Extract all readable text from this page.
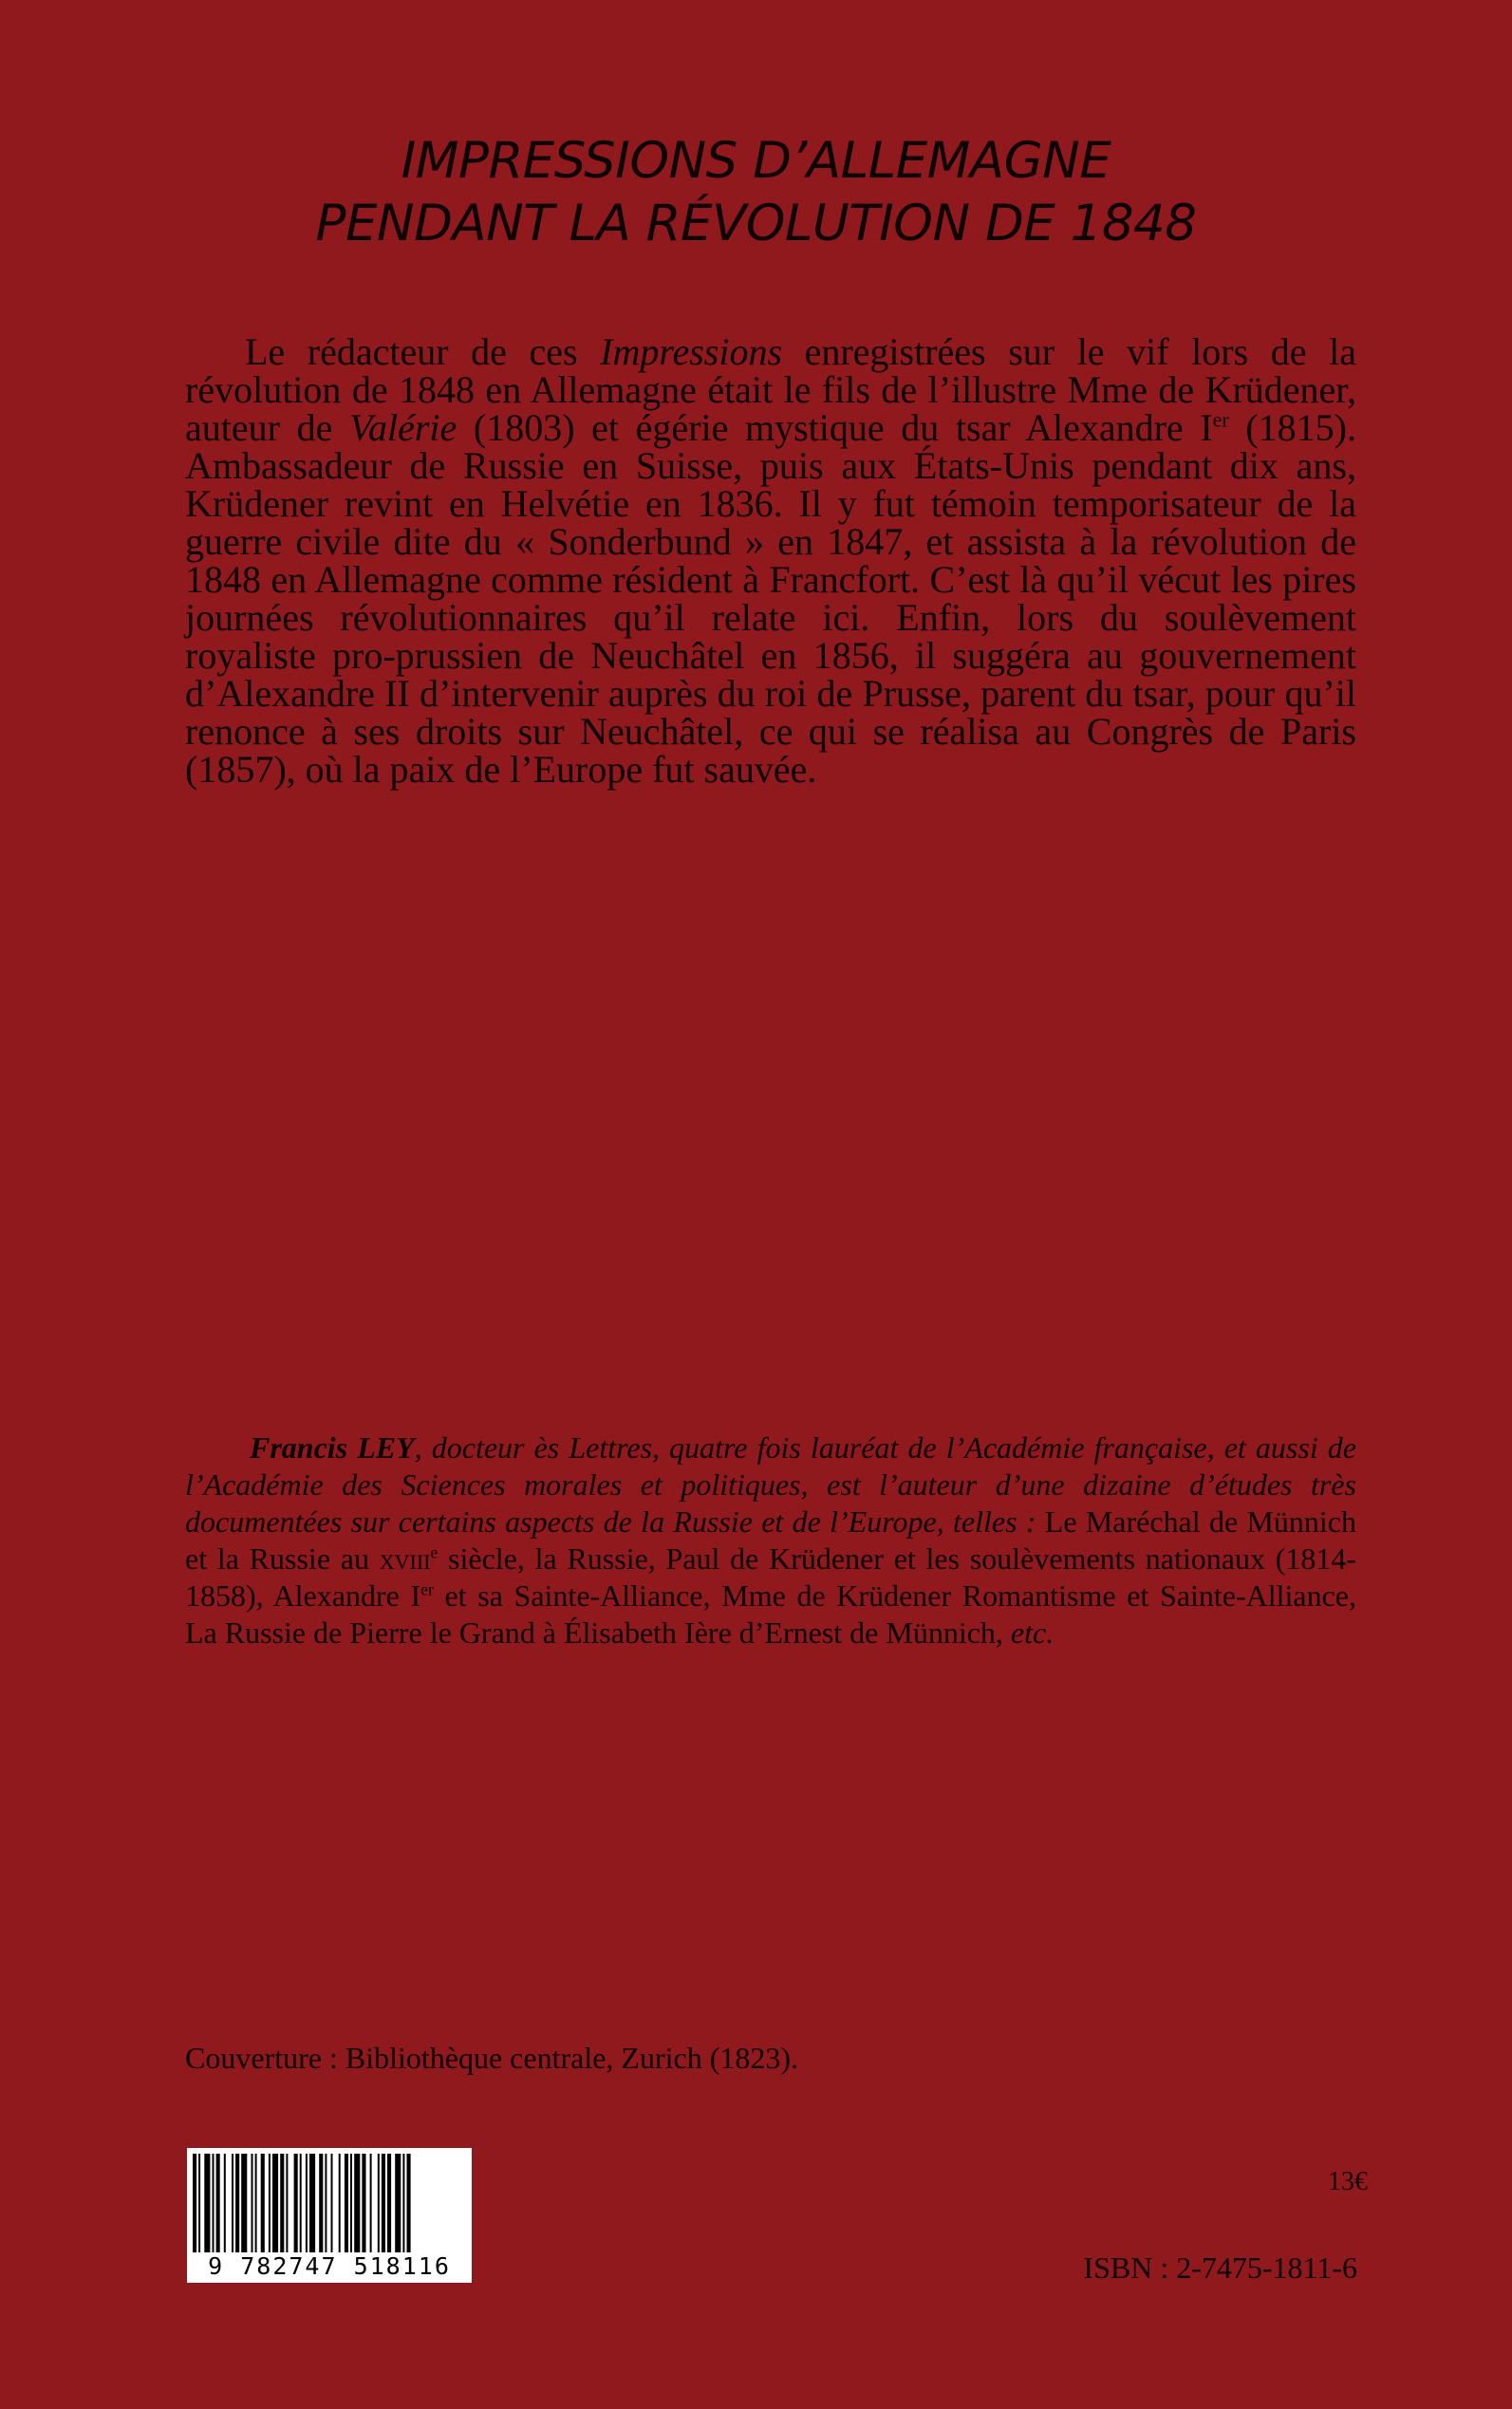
IMPRESSIONS D’ALLEMAGNE
PENDANT LA RÉVOLUTION DE 1848
Le rédacteur de ces Impressions enregistrées sur le vif lors de la révolution de 1848 en Allemagne était le fils de l’illustre Mme de Krüdener, auteur de Valérie (1803) et égérie mystique du tsar Alexandre Ier (1815). Ambassadeur de Russie en Suisse, puis aux États-Unis pendant dix ans, Krüdener revint en Helvétie en 1836. Il y fut témoin temporisateur de la guerre civile dite du « Sonderbund » en 1847, et assista à la révolution de 1848 en Allemagne comme résident à Francfort. C’est là qu’il vécut les pires journées révolutionnaires qu’il relate ici. Enfin, lors du soulèvement royaliste pro-prussien de Neuchâtel en 1856, il suggéra au gouvernement d’Alexandre II d’intervenir auprès du roi de Prusse, parent du tsar, pour qu’il renonce à ses droits sur Neuchâtel, ce qui se réalisa au Congrès de Paris (1857), où la paix de l’Europe fut sauvée.
Francis LEY, docteur ès Lettres, quatre fois lauréat de l’Académie française, et aussi de l’Académie des Sciences morales et politiques, est l’auteur d’une dizaine d’études très documentées sur certains aspects de la Russie et de l’Europe, telles : Le Maréchal de Münnich et la Russie au xviii$^e$ siècle, la Russie, Paul de Krüdener et les soulèvements nationaux (1814-1858), Alexandre Ier et sa Sainte-Alliance, Mme de Krüdener Romantisme et Sainte-Alliance, La Russie de Pierre le Grand à Élisabeth Ière d’Ernest de Münnich, etc.
Couverture : Bibliothèque centrale, Zurich (1823).
9 782747 518116
13€
ISBN : 2-7475-1811-6
